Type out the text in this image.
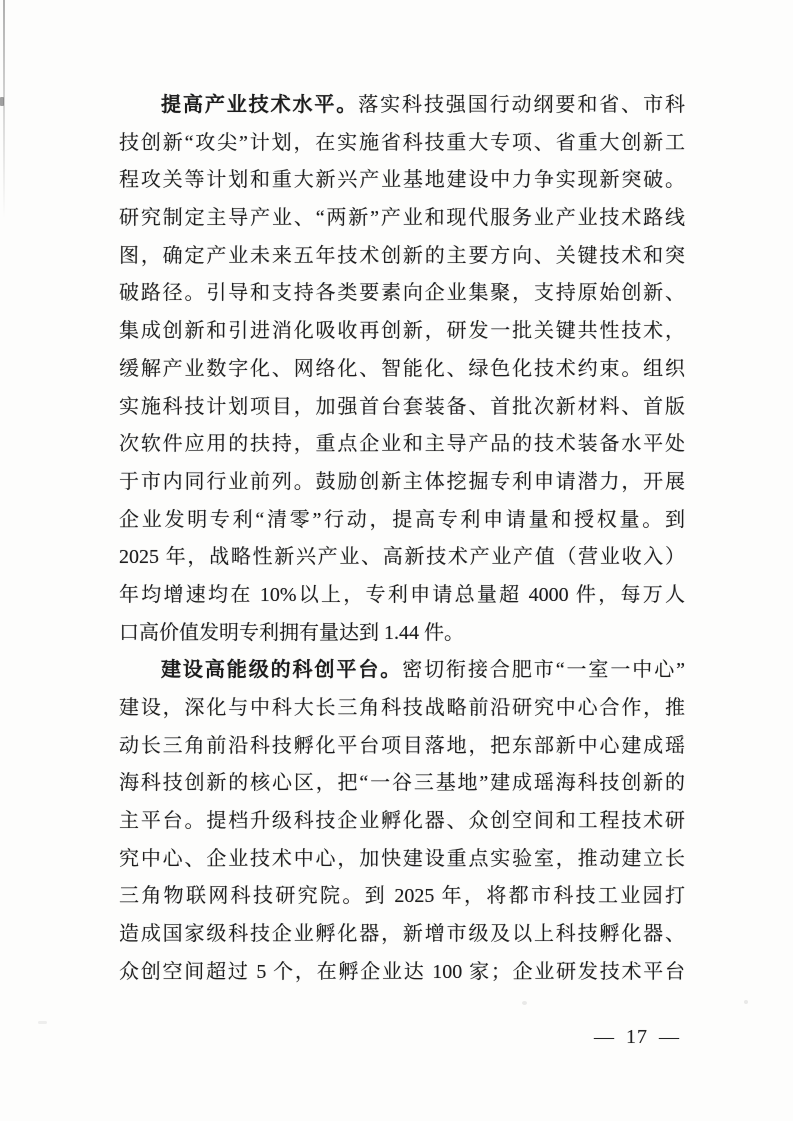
提高产业技术水平。落实科技强国行动纲要和省、市科
技创新“攻尖”计划，在实施省科技重大专项、省重大创新工
程攻关等计划和重大新兴产业基地建设中力争实现新突破。
研究制定主导产业、“两新”产业和现代服务业产业技术路线
图，确定产业未来五年技术创新的主要方向、关键技术和突
破路径。引导和支持各类要素向企业集聚，支持原始创新、
集成创新和引进消化吸收再创新，研发一批关键共性技术，
缓解产业数字化、网络化、智能化、绿色化技术约束。组织
实施科技计划项目，加强首台套装备、首批次新材料、首版
次软件应用的扶持，重点企业和主导产品的技术装备水平处
于市内同行业前列。鼓励创新主体挖掘专利申请潜力，开展
企业发明专利“清零”行动，提高专利申请量和授权量。到
2025 年，战略性新兴产业、高新技术产业产值（营业收入）
年均增速均在 10%以上，专利申请总量超 4000 件，每万人
口高价值发明专利拥有量达到 1.44 件。
建设高能级的科创平台。密切衔接合肥市“一室一中心”
建设，深化与中科大长三角科技战略前沿研究中心合作，推
动长三角前沿科技孵化平台项目落地，把东部新中心建成瑶
海科技创新的核心区，把“一谷三基地”建成瑶海科技创新的
主平台。提档升级科技企业孵化器、众创空间和工程技术研
究中心、企业技术中心，加快建设重点实验室，推动建立长
三角物联网科技研究院。到 2025 年，将都市科技工业园打
造成国家级科技企业孵化器，新增市级及以上科技孵化器、
众创空间超过 5 个，在孵企业达 100 家；企业研发技术平台
— 17 —
